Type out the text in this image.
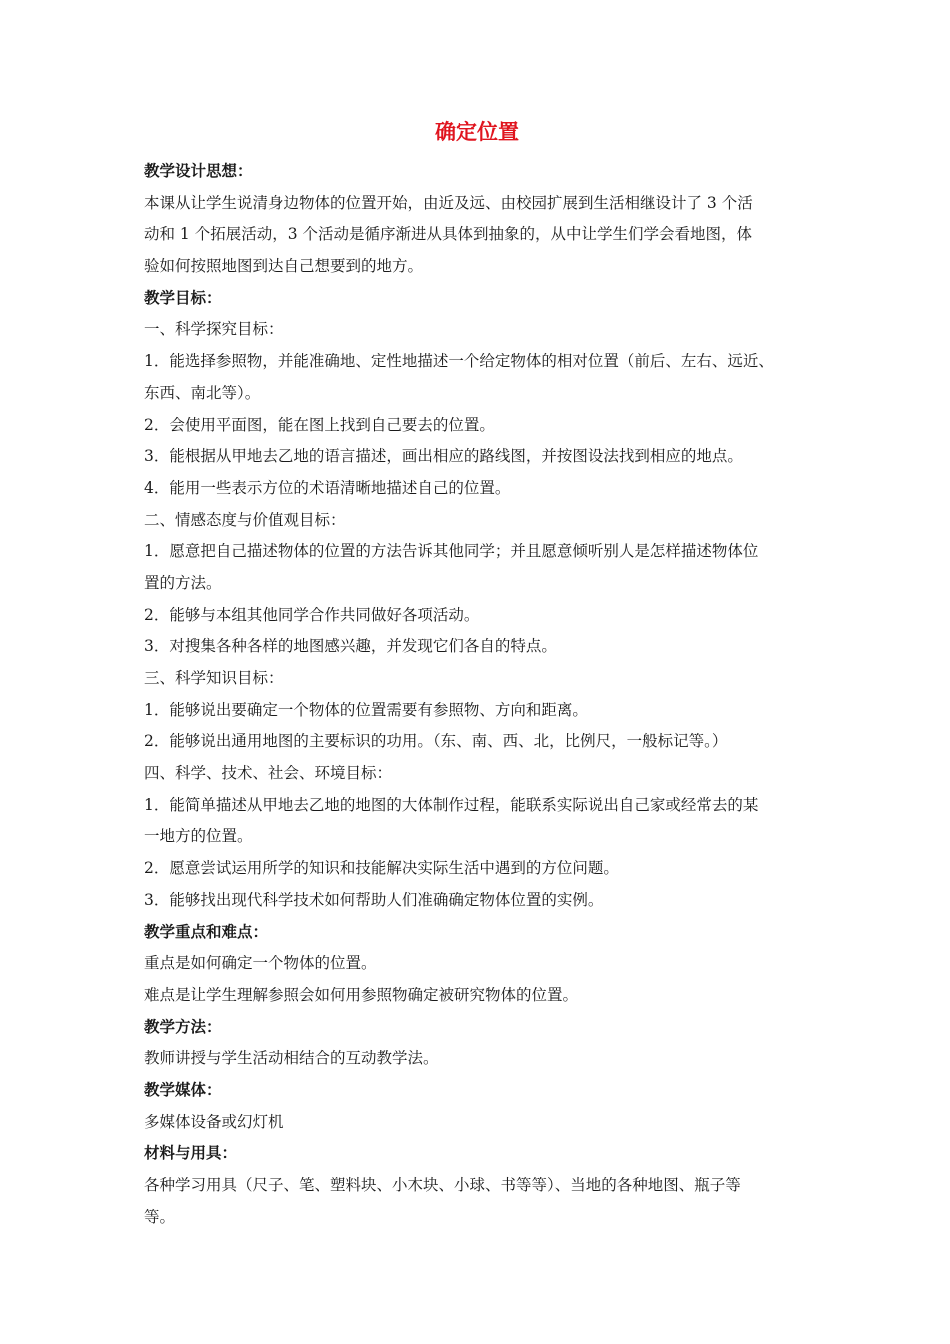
确定位置
教学设计思想：
本课从让学生说清身边物体的位置开始，由近及远、由校园扩展到生活相继设计了 3 个活
动和 1 个拓展活动，3 个活动是循序渐进从具体到抽象的，从中让学生们学会看地图，体
验如何按照地图到达自己想要到的地方。
教学目标：
一、科学探究目标：
1．能选择参照物，并能准确地、定性地描述一个给定物体的相对位置（前后、左右、远近、
东西、南北等）。
2．会使用平面图，能在图上找到自己要去的位置。
3．能根据从甲地去乙地的语言描述，画出相应的路线图，并按图设法找到相应的地点。
4．能用一些表示方位的术语清晰地描述自己的位置。
二、情感态度与价值观目标：
1．愿意把自己描述物体的位置的方法告诉其他同学；并且愿意倾听别人是怎样描述物体位
置的方法。
2．能够与本组其他同学合作共同做好各项活动。
3．对搜集各种各样的地图感兴趣，并发现它们各自的特点。
三、科学知识目标：
1．能够说出要确定一个物体的位置需要有参照物、方向和距离。
2．能够说出通用地图的主要标识的功用。（东、南、西、北，比例尺，一般标记等。）
四、科学、技术、社会、环境目标：
1．能简单描述从甲地去乙地的地图的大体制作过程，能联系实际说出自己家或经常去的某
一地方的位置。
2．愿意尝试运用所学的知识和技能解决实际生活中遇到的方位问题。
3．能够找出现代科学技术如何帮助人们准确确定物体位置的实例。
教学重点和难点：
重点是如何确定一个物体的位置。
难点是让学生理解参照会如何用参照物确定被研究物体的位置。
教学方法：
教师讲授与学生活动相结合的互动教学法。
教学媒体：
多媒体设备或幻灯机
材料与用具：
各种学习用具（尺子、笔、塑料块、小木块、小球、书等等）、当地的各种地图、瓶子等
等。
